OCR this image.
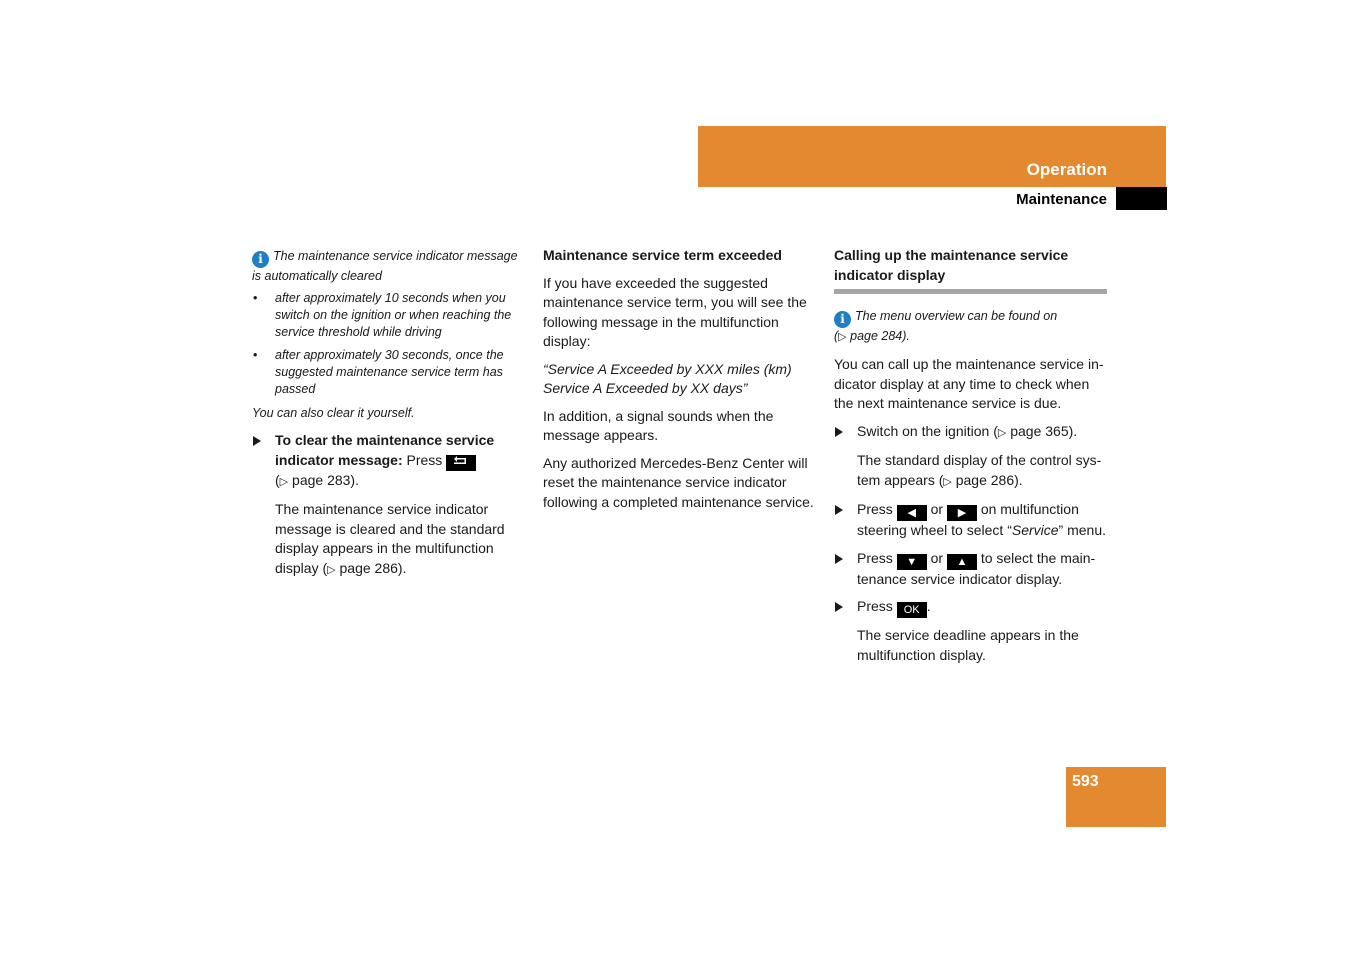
Operation
Maintenance

i The maintenance service indicator message is automatically cleared

• after approximately 10 seconds when you switch on the ignition or when reaching the service threshold while driving
• after approximately 30 seconds, once the suggested maintenance service term has passed

You can also clear it yourself.

To clear the maintenance service indicator message: Press
(▷ page 283).

The maintenance service indicator message is cleared and the standard display appears in the multifunction display (▷ page 286).

Maintenance service term exceeded

If you have exceeded the suggested maintenance service term, you will see the following message in the multifunction display:

“Service A Exceeded by XXX miles (km)
Service A Exceeded by XX days”

In addition, a signal sounds when the message appears.

Any authorized Mercedes-Benz Center will reset the maintenance service indicator following a completed maintenance service.

Calling up the maintenance service indicator display

i The menu overview can be found on
(▷ page 284).

You can call up the maintenance service in-dicator display at any time to check when the next maintenance service is due.

Switch on the ignition (▷ page 365).

The standard display of the control sys-tem appears (▷ page 286).

Press ◀ or ▶ on multifunction steering wheel to select “Service” menu.
Press ▼ or ▲ to select the main-tenance service indicator display.
Press OK .

The service deadline appears in the multifunction display.

593
